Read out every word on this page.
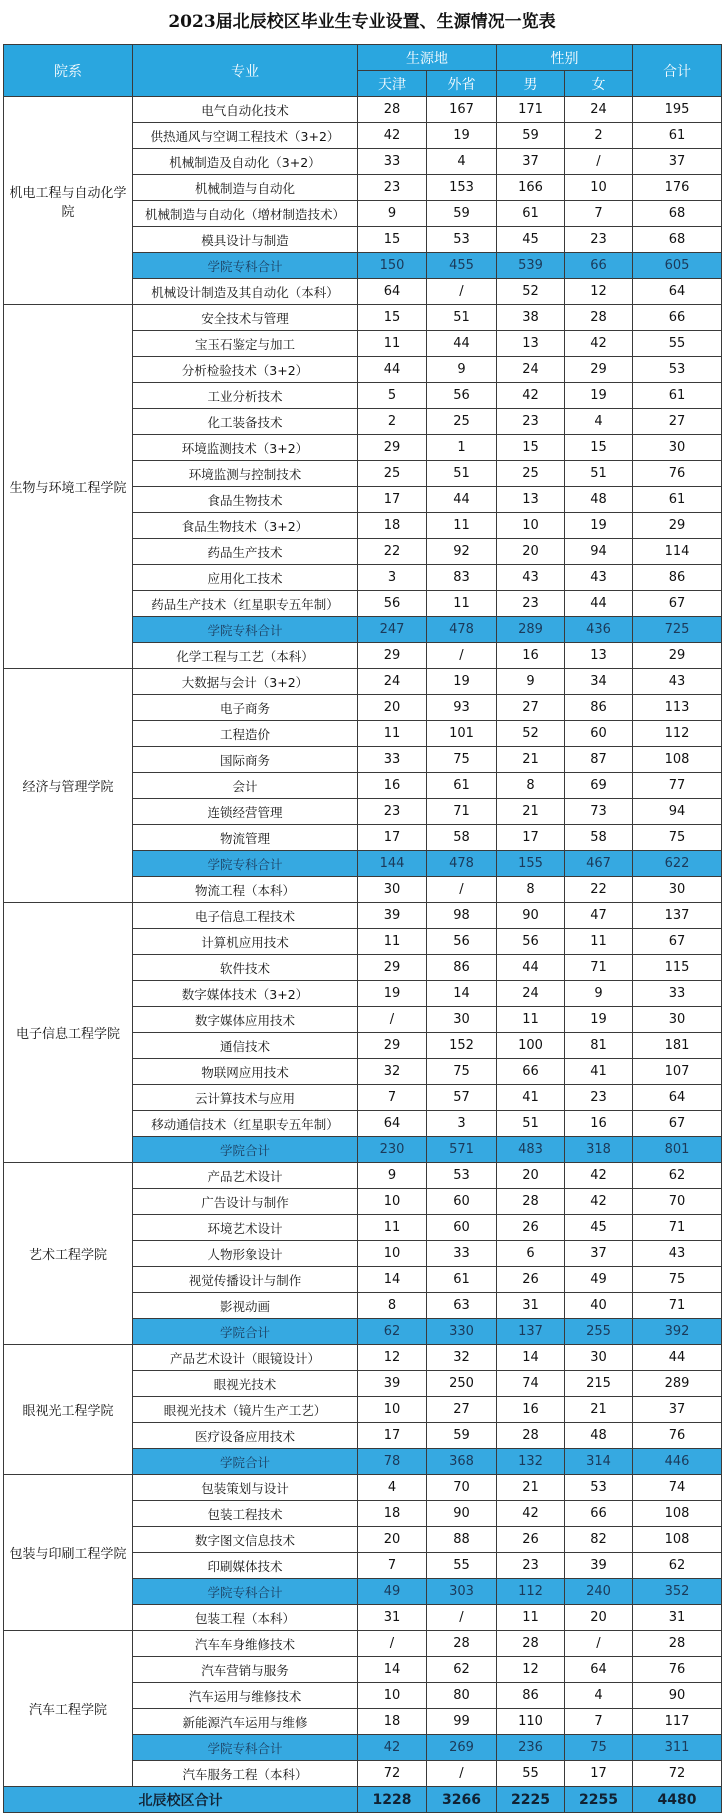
2023届北辰校区毕业生专业设置、生源情况一览表
院系	专业	生源地		性别		合计
		天津	外省	男	女	
机电工程与自动化学院	电气自动化技术	28	167	171	24	195
	供热通风与空调工程技术（3+2）	42	19	59	2	61
	机械制造及自动化（3+2）	33	4	37	/	37
	机械制造与自动化	23	153	166	10	176
	机械制造与自动化（增材制造技术）	9	59	61	7	68
	模具设计与制造	15	53	45	23	68
	学院专科合计	150	455	539	66	605
	机械设计制造及其自动化（本科）	64	/	52	12	64
生物与环境工程学院	安全技术与管理	15	51	38	28	66
	宝玉石鉴定与加工	11	44	13	42	55
	分析检验技术（3+2）	44	9	24	29	53
	工业分析技术	5	56	42	19	61
	化工装备技术	2	25	23	4	27
	环境监测技术（3+2）	29	1	15	15	30
	环境监测与控制技术	25	51	25	51	76
	食品生物技术	17	44	13	48	61
	食品生物技术（3+2）	18	11	10	19	29
	药品生产技术	22	92	20	94	114
	应用化工技术	3	83	43	43	86
	药品生产技术（红星职专五年制）	56	11	23	44	67
	学院专科合计	247	478	289	436	725
	化学工程与工艺（本科）	29	/	16	13	29
经济与管理学院	大数据与会计（3+2）	24	19	9	34	43
	电子商务	20	93	27	86	113
	工程造价	11	101	52	60	112
	国际商务	33	75	21	87	108
	会计	16	61	8	69	77
	连锁经营管理	23	71	21	73	94
	物流管理	17	58	17	58	75
	学院专科合计	144	478	155	467	622
	物流工程（本科）	30	/	8	22	30
电子信息工程学院	电子信息工程技术	39	98	90	47	137
	计算机应用技术	11	56	56	11	67
	软件技术	29	86	44	71	115
	数字媒体技术（3+2）	19	14	24	9	33
	数字媒体应用技术	/	30	11	19	30
	通信技术	29	152	100	81	181
	物联网应用技术	32	75	66	41	107
	云计算技术与应用	7	57	41	23	64
	移动通信技术（红星职专五年制）	64	3	51	16	67
	学院合计	230	571	483	318	801
艺术工程学院	产品艺术设计	9	53	20	42	62
	广告设计与制作	10	60	28	42	70
	环境艺术设计	11	60	26	45	71
	人物形象设计	10	33	6	37	43
	视觉传播设计与制作	14	61	26	49	75
	影视动画	8	63	31	40	71
	学院合计	62	330	137	255	392
眼视光工程学院	产品艺术设计（眼镜设计）	12	32	14	30	44
	眼视光技术	39	250	74	215	289
	眼视光技术（镜片生产工艺）	10	27	16	21	37
	医疗设备应用技术	17	59	28	48	76
	学院合计	78	368	132	314	446
包装与印刷工程学院	包装策划与设计	4	70	21	53	74
	包装工程技术	18	90	42	66	108
	数字图文信息技术	20	88	26	82	108
	印刷媒体技术	7	55	23	39	62
	学院专科合计	49	303	112	240	352
	包装工程（本科）	31	/	11	20	31
汽车工程学院	汽车车身维修技术	/	28	28	/	28
	汽车营销与服务	14	62	12	64	76
	汽车运用与维修技术	10	80	86	4	90
	新能源汽车运用与维修	18	99	110	7	117
	学院专科合计	42	269	236	75	311
	汽车服务工程（本科）	72	/	55	17	72
北辰校区合计		1228	3266	2225	2255	4480
